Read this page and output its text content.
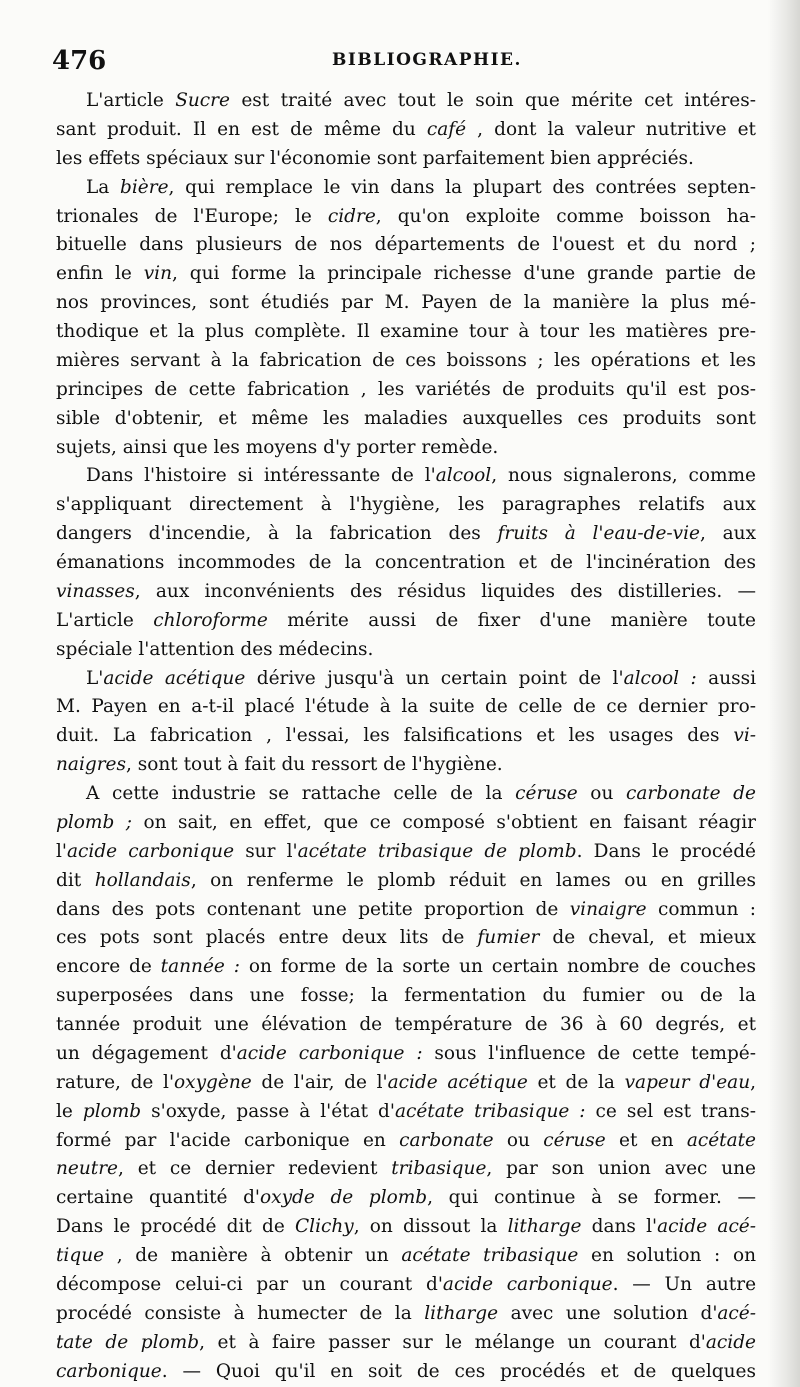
476	BIBLIOGRAPHIE.
L'article Sucre est traité avec tout le soin que mérite cet intéres-
sant produit. Il en est de même du café , dont la valeur nutritive et
les effets spéciaux sur l'économie sont parfaitement bien appréciés.
La bière, qui remplace le vin dans la plupart des contrées septen-
trionales de l'Europe; le cidre, qu'on exploite comme boisson ha-
bituelle dans plusieurs de nos départements de l'ouest et du nord ;
enfin le vin, qui forme la principale richesse d'une grande partie de
nos provinces, sont étudiés par M. Payen de la manière la plus mé-
thodique et la plus complète. Il examine tour à tour les matières pre-
mières servant à la fabrication de ces boissons ; les opérations et les
principes de cette fabrication , les variétés de produits qu'il est pos-
sible d'obtenir, et même les maladies auxquelles ces produits sont
sujets, ainsi que les moyens d'y porter remède.
Dans l'histoire si intéressante de l'alcool, nous signalerons, comme
s'appliquant directement à l'hygiène, les paragraphes relatifs aux
dangers d'incendie, à la fabrication des fruits à l'eau-de-vie, aux
émanations incommodes de la concentration et de l'incinération des
vinasses, aux inconvénients des résidus liquides des distilleries. —
L'article chloroforme mérite aussi de fixer d'une manière toute
spéciale l'attention des médecins.
L'acide acétique dérive jusqu'à un certain point de l'alcool : aussi
M. Payen en a-t-il placé l'étude à la suite de celle de ce dernier pro-
duit. La fabrication , l'essai, les falsifications et les usages des vi-
naigres, sont tout à fait du ressort de l'hygiène.
A cette industrie se rattache celle de la céruse ou carbonate de
plomb ; on sait, en effet, que ce composé s'obtient en faisant réagir
l'acide carbonique sur l'acétate tribasique de plomb. Dans le procédé
dit hollandais, on renferme le plomb réduit en lames ou en grilles
dans des pots contenant une petite proportion de vinaigre commun :
ces pots sont placés entre deux lits de fumier de cheval, et mieux
encore de tannée : on forme de la sorte un certain nombre de couches
superposées dans une fosse; la fermentation du fumier ou de la
tannée produit une élévation de température de 36 à 60 degrés, et
un dégagement d'acide carbonique : sous l'influence de cette tempé-
rature, de l'oxygène de l'air, de l'acide acétique et de la vapeur d'eau,
le plomb s'oxyde, passe à l'état d'acétate tribasique : ce sel est trans-
formé par l'acide carbonique en carbonate ou céruse et en acétate
neutre, et ce dernier redevient tribasique, par son union avec une
certaine quantité d'oxyde de plomb, qui continue à se former. —
Dans le procédé dit de Clichy, on dissout la litharge dans l'acide acé-
tique , de manière à obtenir un acétate tribasique en solution : on
décompose celui-ci par un courant d'acide carbonique. — Un autre
procédé consiste à humecter de la litharge avec une solution d'acé-
tate de plomb, et à faire passer sur le mélange un courant d'acide
carbonique. — Quoi qu'il en soit de ces procédés et de quelques
